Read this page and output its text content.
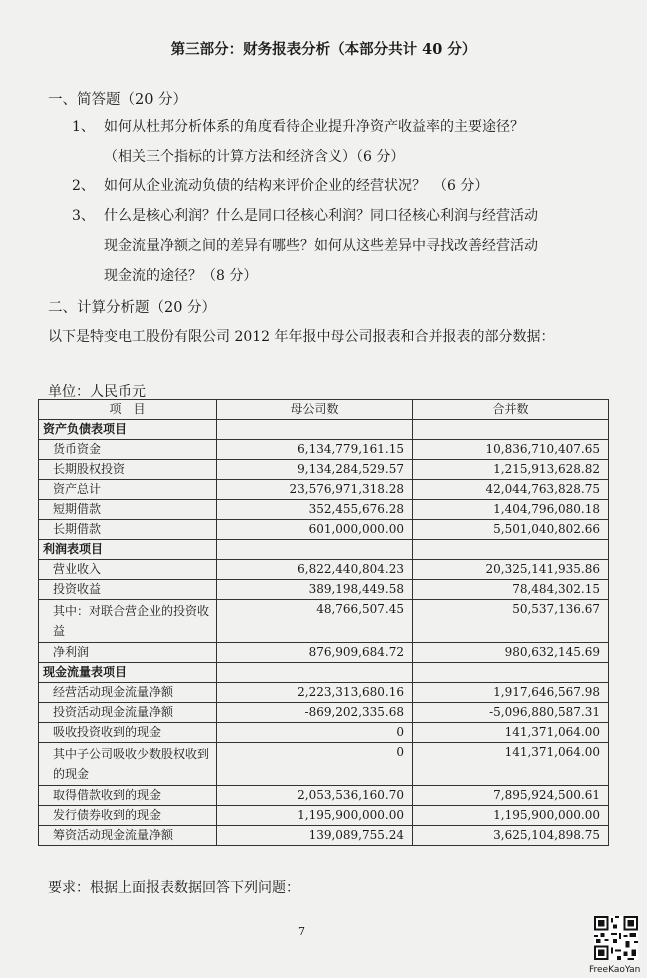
第三部分：财务报表分析（本部分共计 40 分）
一、简答题（20 分）
1、 如何从杜邦分析体系的角度看待企业提升净资产收益率的主要途径？
（相关三个指标的计算方法和经济含义）（6 分）
2、 如何从企业流动负债的结构来评价企业的经营状况？　（6 分）
3、 什么是核心利润？什么是同口径核心利润？同口径核心利润与经营活动
现金流量净额之间的差异有哪些？如何从这些差异中寻找改善经营活动
现金流的途径？（8 分）
二、计算分析题（20 分）
以下是特变电工股份有限公司 2012 年年报中母公司报表和合并报表的部分数据：
单位：人民币元
项　目	母公司数	合并数
资产负债表项目		
货币资金	6,134,779,161.15	10,836,710,407.65
长期股权投资	9,134,284,529.57	1,215,913,628.82
资产总计	23,576,971,318.28	42,044,763,828.75
短期借款	352,455,676.28	1,404,796,080.18
长期借款	601,000,000.00	5,501,040,802.66
利润表项目		
营业收入	6,822,440,804.23	20,325,141,935.86
投资收益	389,198,449.58	78,484,302.15
其中：对联合营企业的投资收益	48,766,507.45	50,537,136.67
净利润	876,909,684.72	980,632,145.69
现金流量表项目		
经营活动现金流量净额	2,223,313,680.16	1,917,646,567.98
投资活动现金流量净额	-869,202,335.68	-5,096,880,587.31
吸收投资收到的现金	0	141,371,064.00
其中子公司吸收少数股权收到的现金	0	141,371,064.00
取得借款收到的现金	2,053,536,160.70	7,895,924,500.61
发行债券收到的现金	1,195,900,000.00	1,195,900,000.00
筹资活动现金流量净额	139,089,755.24	3,625,104,898.75
要求：根据上面报表数据回答下列问题：
7
FreeKaoYan
